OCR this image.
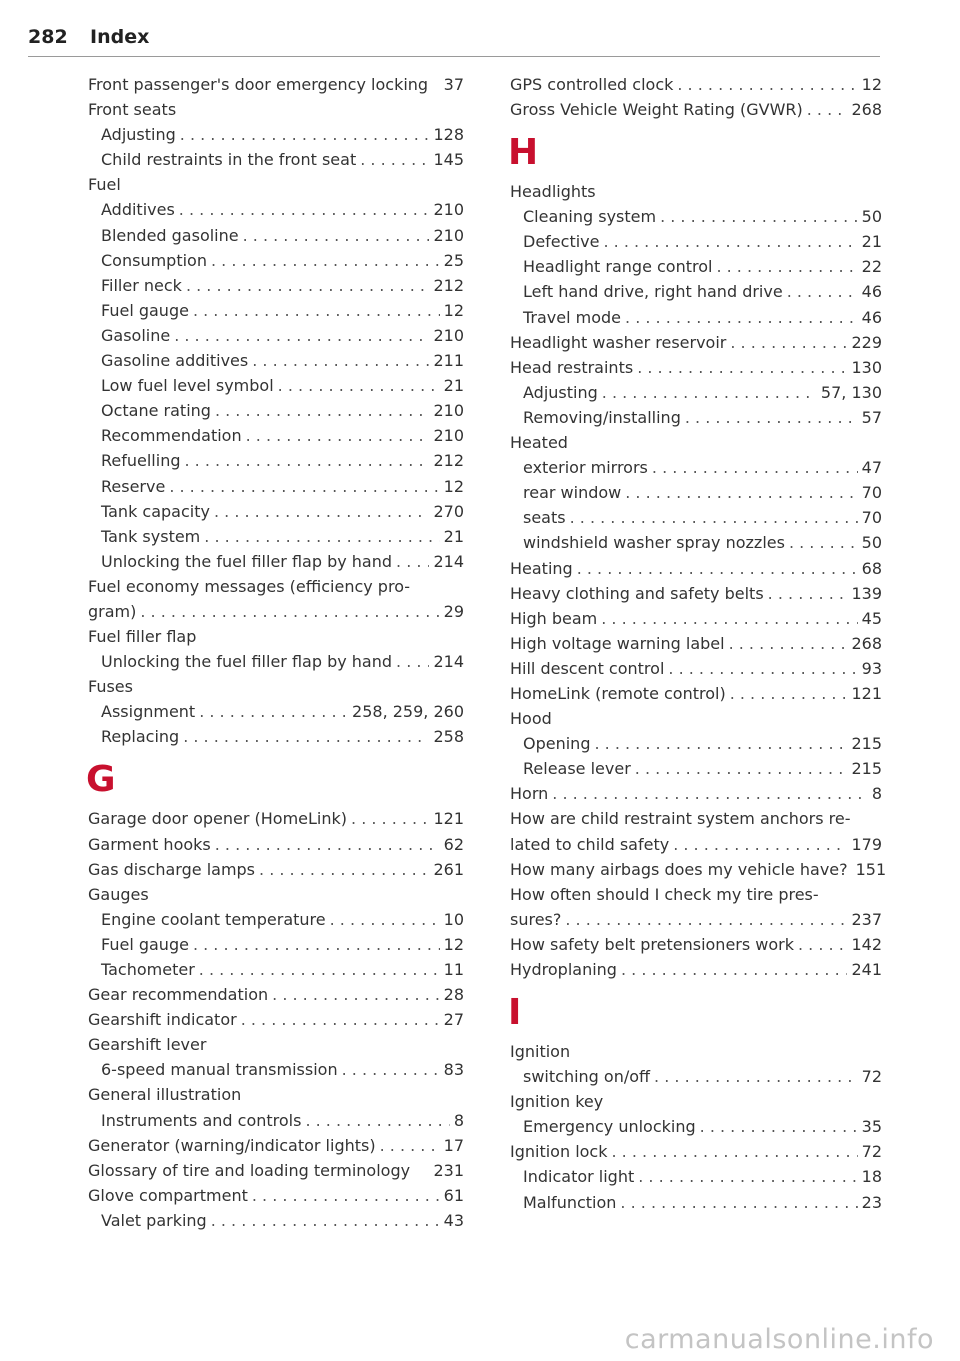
282 Index
Front passenger's door emergency locking 37
Front seats
Adjusting . . .	128
Child restraints in the front seat . . .	145
Fuel
Additives . . .	210
Blended gasoline . . .	210
Consumption . . .	25
Filler neck . . .	212
Fuel gauge . . .	12
Gasoline . . .	210
Gasoline additives . . .	211
Low fuel level symbol . . .	21
Octane rating . . .	210
Recommendation . . .	210
Refuelling . . .	212
Reserve . . .	12
Tank capacity . . .	270
Tank system . . .	21
Unlocking the fuel filler flap by hand . . .	214
Fuel economy messages (efficiency pro-
gram) . . .	29
Fuel filler flap
Unlocking the fuel filler flap by hand . . .	214
Fuses
Assignment . . .	258, 259, 260
Replacing . . .	258
G
Garage door opener (HomeLink) . . .	121
Garment hooks . . .	62
Gas discharge lamps . . .	261
Gauges
Engine coolant temperature . . .	10
Fuel gauge . . .	12
Tachometer . . .	11
Gear recommendation . . .	28
Gearshift indicator . . .	27
Gearshift lever
6-speed manual transmission . . .	83
General illustration
Instruments and controls . . .	8
Generator (warning/indicator lights) . . .	17
Glossary of tire and loading terminology 231
Glove compartment . . .	61
Valet parking . . .	43
GPS controlled clock . . .	12
Gross Vehicle Weight Rating (GVWR) . . .	268
H
Headlights
Cleaning system . . .	50
Defective . . .	21
Headlight range control . . .	22
Left hand drive, right hand drive . . .	46
Travel mode . . .	46
Headlight washer reservoir . . .	229
Head restraints . . .	130
Adjusting . . .	57, 130
Removing/installing . . .	57
Heated
exterior mirrors . . .	47
rear window . . .	70
seats . . .	70
windshield washer spray nozzles . . .	50
Heating . . .	68
Heavy clothing and safety belts . . .	139
High beam . . .	45
High voltage warning label . . .	268
Hill descent control . . .	93
HomeLink (remote control) . . .	121
Hood
Opening . . .	215
Release lever . . .	215
Horn . . .	8
How are child restraint system anchors re-
lated to child safety . . .	179
How many airbags does my vehicle have? 151
How often should I check my tire pres-
sures? . . .	237
How safety belt pretensioners work . . .	142
Hydroplaning . . .	241
I
Ignition
switching on/off . . .	72
Ignition key
Emergency unlocking . . .	35
Ignition lock . . .	72
Indicator light . . .	18
Malfunction . . .	23
carmanualsonline.info
